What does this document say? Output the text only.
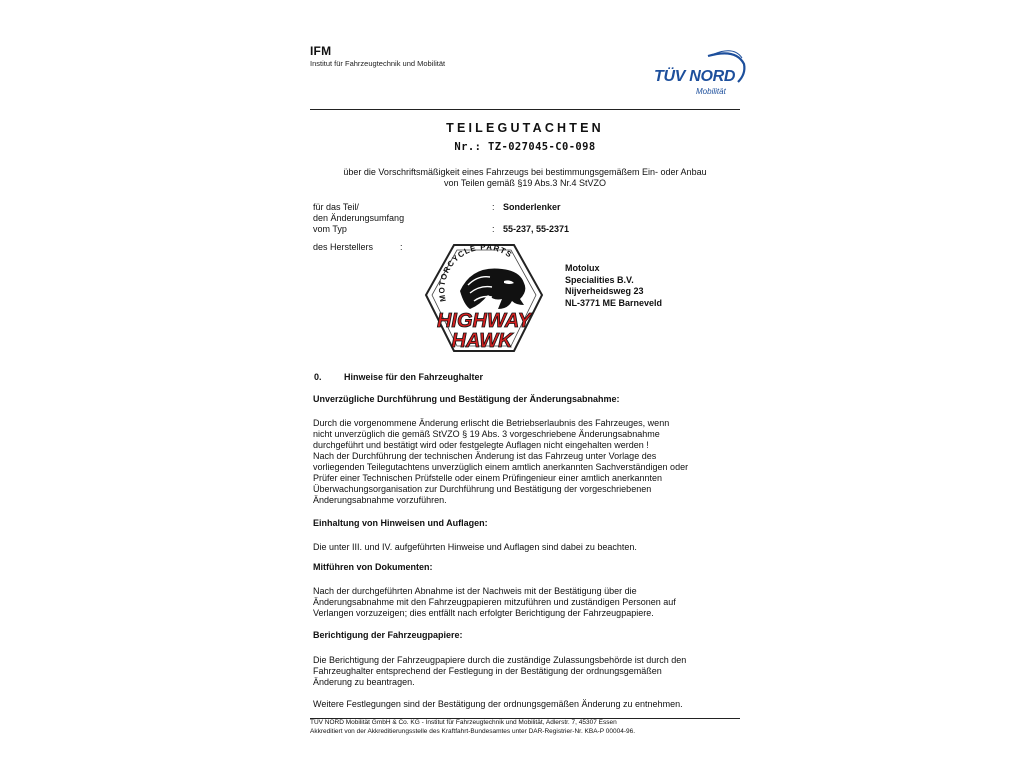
IFM
Institut für Fahrzeugtechnik und Mobilität
TÜV NORD
Mobilität
TEILEGUTACHTEN
Nr.: TZ-027045-C0-098
über die Vorschriftsmäßigkeit eines Fahrzeugs bei bestimmungsgemäßem Ein- oder Anbau
von Teilen gemäß §19 Abs.3 Nr.4 StVZO
für das Teil/
den Änderungsumfang
vom Typ
:
:
Sonderlenker
55-237, 55-2371
des Herstellers	:
MOTORCYCLE PARTS
HIGHWAY
HAWK
Motolux
Specialities B.V.
Nijverheidsweg 23
NL-3771 ME Barneveld
0. Hinweise für den Fahrzeughalter
Unverzügliche Durchführung und Bestätigung der Änderungsabnahme:
Durch die vorgenommene Änderung erlischt die Betriebserlaubnis des Fahrzeuges, wenn
nicht unverzüglich die gemäß StVZO § 19 Abs. 3 vorgeschriebene Änderungsabnahme
durchgeführt und bestätigt wird oder festgelegte Auflagen nicht eingehalten werden !
Nach der Durchführung der technischen Änderung ist das Fahrzeug unter Vorlage des
vorliegenden Teilegutachtens unverzüglich einem amtlich anerkannten Sachverständigen oder
Prüfer einer Technischen Prüfstelle oder einem Prüfingenieur einer amtlich anerkannten
Überwachungsorganisation zur Durchführung und Bestätigung der vorgeschriebenen
Änderungsabnahme vorzuführen.
Einhaltung von Hinweisen und Auflagen:
Die unter III. und IV. aufgeführten Hinweise und Auflagen sind dabei zu beachten.
Mitführen von Dokumenten:
Nach der durchgeführten Abnahme ist der Nachweis mit der Bestätigung über die
Änderungsabnahme mit den Fahrzeugpapieren mitzuführen und zuständigen Personen auf
Verlangen vorzuzeigen; dies entfällt nach erfolgter Berichtigung der Fahrzeugpapiere.
Berichtigung der Fahrzeugpapiere:
Die Berichtigung der Fahrzeugpapiere durch die zuständige Zulassungsbehörde ist durch den
Fahrzeughalter entsprechend der Festlegung in der Bestätigung der ordnungsgemäßen
Änderung zu beantragen.
Weitere Festlegungen sind der Bestätigung der ordnungsgemäßen Änderung zu entnehmen.
TÜV NORD Mobilität GmbH & Co. KG - Institut für Fahrzeugtechnik und Mobilität, Adlerstr. 7, 45307 Essen
Akkreditiert von der Akkreditierungsstelle des Kraftfahrt-Bundesamtes unter DAR-Registrier-Nr. KBA-P 00004-96.
